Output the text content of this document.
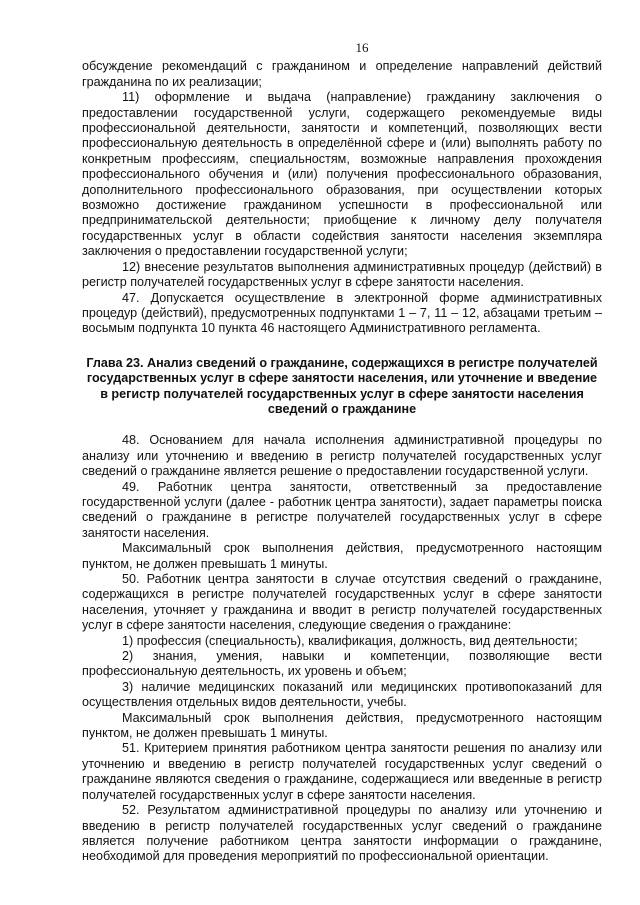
16

обсуждение рекомендаций с гражданином и определение направлений действий гражданина по их реализации;

11) оформление и выдача (направление) гражданину заключения о предоставлении государственной услуги, содержащего рекомендуемые виды профессиональной деятельности, занятости и компетенций, позволяющих вести профессиональную деятельность в определённой сфере и (или) выполнять работу по конкретным профессиям, специальностям, возможные направления прохождения профессионального обучения и (или) получения профессионального образования, дополнительного профессионального образования, при осуществлении которых возможно достижение гражданином успешности в профессиональной или предпринимательской деятельности; приобщение к личному делу получателя государственных услуг в области содействия занятости населения экземпляра заключения о предоставлении государственной услуги;

12) внесение результатов выполнения административных процедур (действий) в регистр получателей государственных услуг в сфере занятости населения.

47. Допускается осуществление в электронной форме административных процедур (действий), предусмотренных подпунктами 1 – 7, 11 – 12, абзацами третьим – восьмым подпункта 10 пункта 46 настоящего Административного регламента.

Глава 23. Анализ сведений о гражданине, содержащихся в регистре получателей государственных услуг в сфере занятости населения, или уточнение и введение в регистр получателей государственных услуг в сфере занятости населения сведений о гражданине

48. Основанием для начала исполнения административной процедуры по анализу или уточнению и введению в регистр получателей государственных услуг сведений о гражданине является решение о предоставлении государственной услуги.

49. Работник центра занятости, ответственный за предоставление государственной услуги (далее - работник центра занятости), задает параметры поиска сведений о гражданине в регистре получателей государственных услуг в сфере занятости населения.

Максимальный срок выполнения действия, предусмотренного настоящим пунктом, не должен превышать 1 минуты.

50. Работник центра занятости в случае отсутствия сведений о гражданине, содержащихся в регистре получателей государственных услуг в сфере занятости населения, уточняет у гражданина и вводит в регистр получателей государственных услуг в сфере занятости населения, следующие сведения о гражданине:

1) профессия (специальность), квалификация, должность, вид деятельности;

2) знания, умения, навыки и компетенции, позволяющие вести профессиональную деятельность, их уровень и объем;

3) наличие медицинских показаний или медицинских противопоказаний для осуществления отдельных видов деятельности, учебы.

Максимальный срок выполнения действия, предусмотренного настоящим пунктом, не должен превышать 1 минуты.

51. Критерием принятия работником центра занятости решения по анализу или уточнению и введению в регистр получателей государственных услуг сведений о гражданине являются сведения о гражданине, содержащиеся или введенные в регистр получателей государственных услуг в сфере занятости населения.

52. Результатом административной процедуры по анализу или уточнению и введению в регистр получателей государственных услуг сведений о гражданине является получение работником центра занятости информации о гражданине, необходимой для проведения мероприятий по профессиональной ориентации.
